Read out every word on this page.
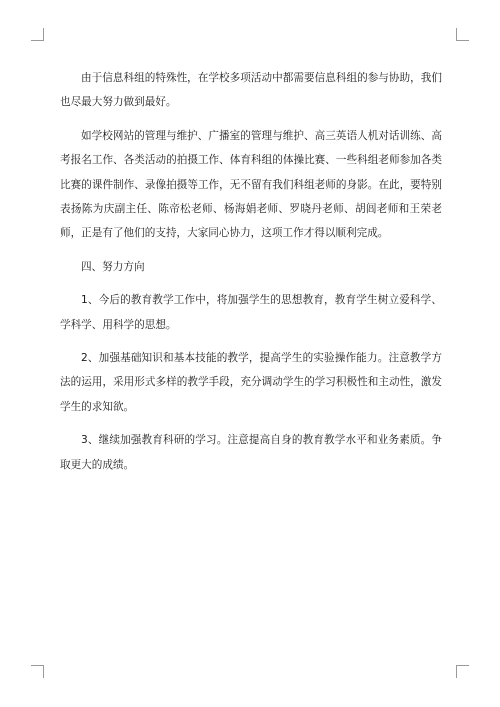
由于信息科组的特殊性，在学校多项活动中都需要信息科组的参与协助，我们也尽最大努力做到最好。

如学校网站的管理与维护、广播室的管理与维护、高三英语人机对话训练、高考报名工作、各类活动的拍摄工作、体育科组的体操比赛、一些科组老师参加各类比赛的课件制作、录像拍摄等工作，无不留有我们科组老师的身影。在此，要特别表扬陈为庆副主任、陈帝松老师、杨海娟老师、罗晓丹老师、胡闾老师和王荣老师，正是有了他们的支持，大家同心协力，这项工作才得以顺利完成。

四、努力方向

1、今后的教育教学工作中，将加强学生的思想教育，教育学生树立爱科学、学科学、用科学的思想。

2、加强基础知识和基本技能的教学，提高学生的实验操作能力。注意教学方法的运用，采用形式多样的教学手段，充分调动学生的学习积极性和主动性，激发学生的求知欲。

3、继续加强教育科研的学习。注意提高自身的教育教学水平和业务素质。争取更大的成绩。
